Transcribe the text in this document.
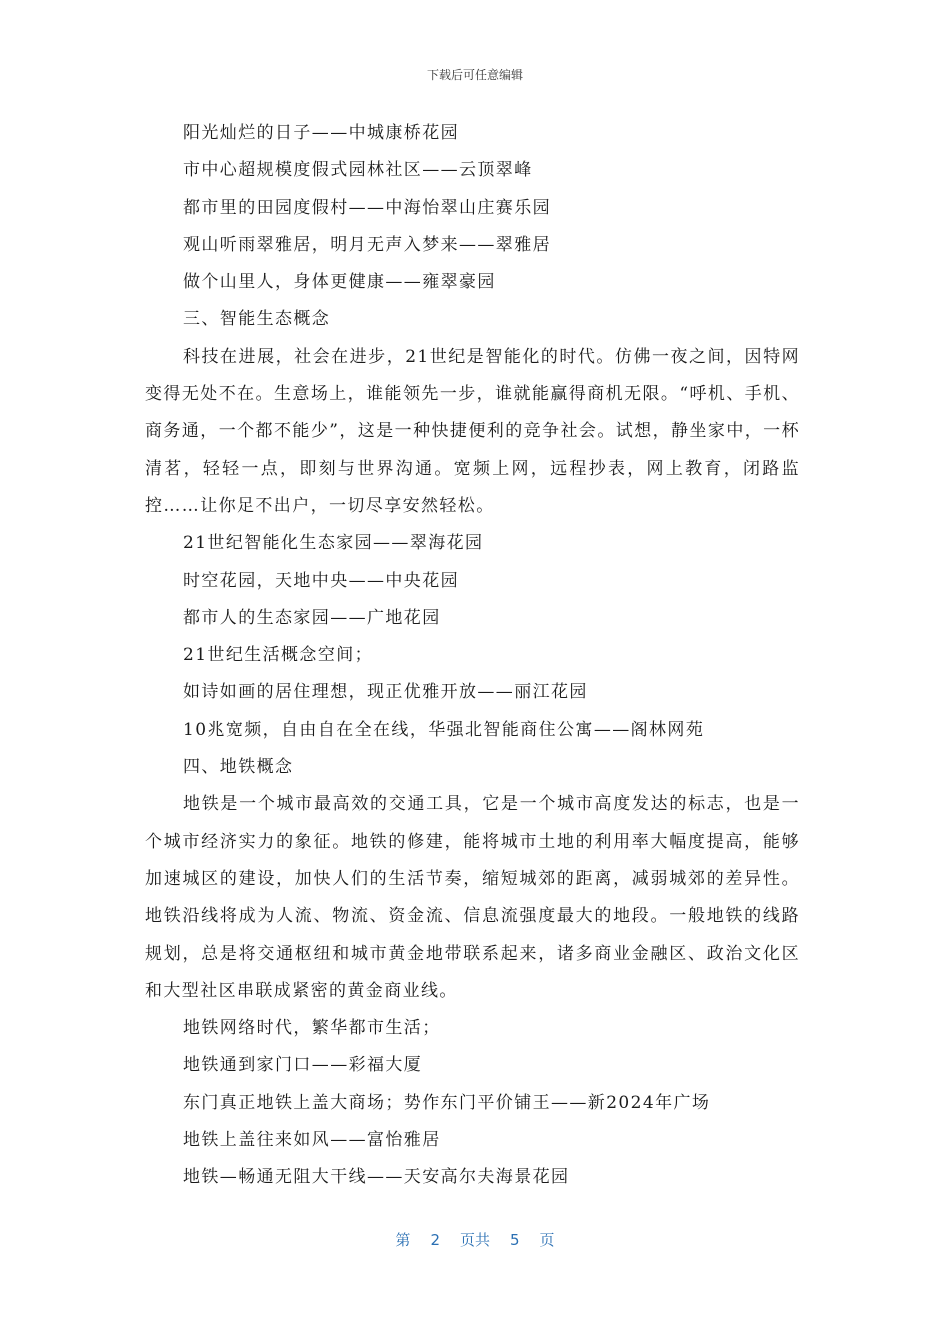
下载后可任意编辑
阳光灿烂的日子——中城康桥花园
市中心超规模度假式园林社区——云顶翠峰
都市里的田园度假村——中海怡翠山庄赛乐园
观山听雨翠雅居，明月无声入梦来——翠雅居
做个山里人，身体更健康——雍翠豪园
三、智能生态概念

科技在进展，社会在进步，21世纪是智能化的时代。仿佛一夜之间，因特网变得无处不在。生意场上，谁能领先一步，谁就能赢得商机无限。“呼机、手机、商务通，一个都不能少”，这是一种快捷便利的竞争社会。试想，静坐家中，一杯清茗，轻轻一点，即刻与世界沟通。宽频上网，远程抄表，网上教育，闭路监控……让你足不出户，一切尽享安然轻松。

21世纪智能化生态家园——翠海花园
时空花园，天地中央——中央花园
都市人的生态家园——广地花园
21世纪生活概念空间；
如诗如画的居住理想，现正优雅开放——丽江花园
10兆宽频，自由自在全在线，华强北智能商住公寓——阁林网苑
四、地铁概念

地铁是一个城市最高效的交通工具，它是一个城市高度发达的标志，也是一个城市经济实力的象征。地铁的修建，能将城市土地的利用率大幅度提高，能够加速城区的建设，加快人们的生活节奏，缩短城郊的距离，减弱城郊的差异性。地铁沿线将成为人流、物流、资金流、信息流强度最大的地段。一般地铁的线路规划，总是将交通枢纽和城市黄金地带联系起来，诸多商业金融区、政治文化区和大型社区串联成紧密的黄金商业线。

地铁网络时代，繁华都市生活；
地铁通到家门口——彩福大厦
东门真正地铁上盖大商场；势作东门平价铺王——新2024年广场
地铁上盖往来如风——富怡雅居
地铁—畅通无阻大干线——天安高尔夫海景花园
第 2 页共 5 页
